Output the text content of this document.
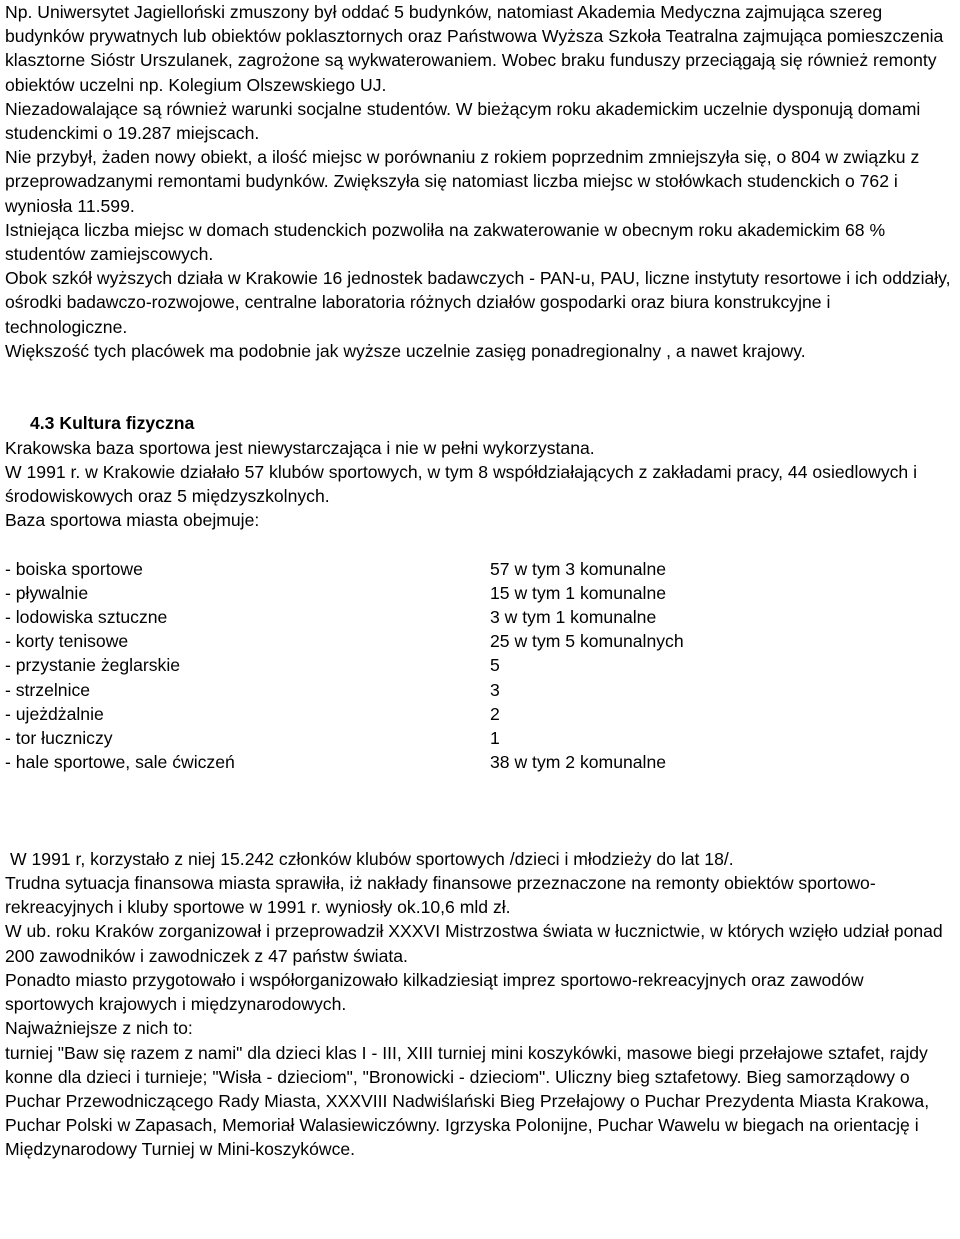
Np. Uniwersytet Jagielloński zmuszony był oddać 5 budynków, natomiast Akademia Medyczna zajmująca szereg budynków prywatnych lub obiektów poklasztornych oraz Państwowa Wyższa Szkoła Teatralna zajmująca pomieszczenia klasztorne Sióstr Urszulanek, zagrożone są wykwaterowaniem. Wobec braku funduszy przeciągają się również remonty obiektów uczelni np. Kolegium Olszewskiego UJ.

Niezadowalające są również warunki socjalne studentów. W bieżącym roku akademickim uczelnie dysponują domami studenckimi o 19.287 miejscach.

Nie przybył, żaden nowy obiekt, a ilość miejsc w porównaniu z rokiem poprzednim zmniejszyła się, o 804 w związku z przeprowadzanymi remontami budynków. Zwiększyła się natomiast liczba miejsc w stołówkach studenckich o 762 i wyniosła 11.599.

Istniejąca liczba miejsc w domach studenckich pozwoliła na zakwaterowanie w obecnym roku akademickim 68 % studentów zamiejscowych.

Obok szkół wyższych działa w Krakowie 16 jednostek badawczych - PAN-u, PAU, liczne instytuty resortowe i ich oddziały, ośrodki badawczo-rozwojowe, centralne laboratoria różnych działów gospodarki oraz biura konstrukcyjne i technologiczne.

Większość tych placówek ma podobnie jak wyższe uczelnie zasięg ponadregionalny , a nawet krajowy.

4.3 Kultura fizyczna

Krakowska baza sportowa jest niewystarczająca i nie w pełni wykorzystana.

W 1991 r. w Krakowie działało 57 klubów sportowych, w tym 8 współdziałających z zakładami pracy, 44 osiedlowych i środowiskowych oraz 5 międzyszkolnych.

Baza sportowa miasta obejmuje:

- boiska sportowe	57 w tym 3 komunalne
- pływalnie	15 w tym 1 komunalne
- lodowiska sztuczne	3 w tym 1 komunalne
- korty tenisowe	25 w tym 5 komunalnych
- przystanie żeglarskie	5
- strzelnice	3
- ujeżdżalnie	2
- tor łuczniczy	1
- hale sportowe, sale ćwiczeń	38 w tym 2 komunalne

W 1991 r, korzystało z niej 15.242 członków klubów sportowych /dzieci i młodzieży do lat 18/.

Trudna sytuacja finansowa miasta sprawiła, iż nakłady finansowe przeznaczone na remonty obiektów sportowo-rekreacyjnych i kluby sportowe w 1991 r. wyniosły ok.10,6 mld zł.

W ub. roku Kraków zorganizował i przeprowadził XXXVI Mistrzostwa świata w łucznictwie, w których wzięło udział ponad 200 zawodników i zawodniczek z 47 państw świata.

Ponadto miasto przygotowało i współorganizowało kilkadziesiąt imprez sportowo-rekreacyjnych oraz zawodów sportowych krajowych i międzynarodowych.

Najważniejsze z nich to:

turniej "Baw się razem z nami" dla dzieci klas I - III, XIII turniej mini koszykówki, masowe biegi przełajowe sztafet, rajdy konne dla dzieci i turnieje; "Wisła - dzieciom", "Bronowicki - dzieciom". Uliczny bieg sztafetowy. Bieg samorządowy o Puchar Przewodniczącego Rady Miasta, XXXVIII Nadwiślański Bieg Przełajowy o Puchar Prezydenta Miasta Krakowa, Puchar Polski w Zapasach, Memoriał Walasiewiczówny. Igrzyska Polonijne, Puchar Wawelu w biegach na orientację i Międzynarodowy Turniej w Mini-koszykówce.
